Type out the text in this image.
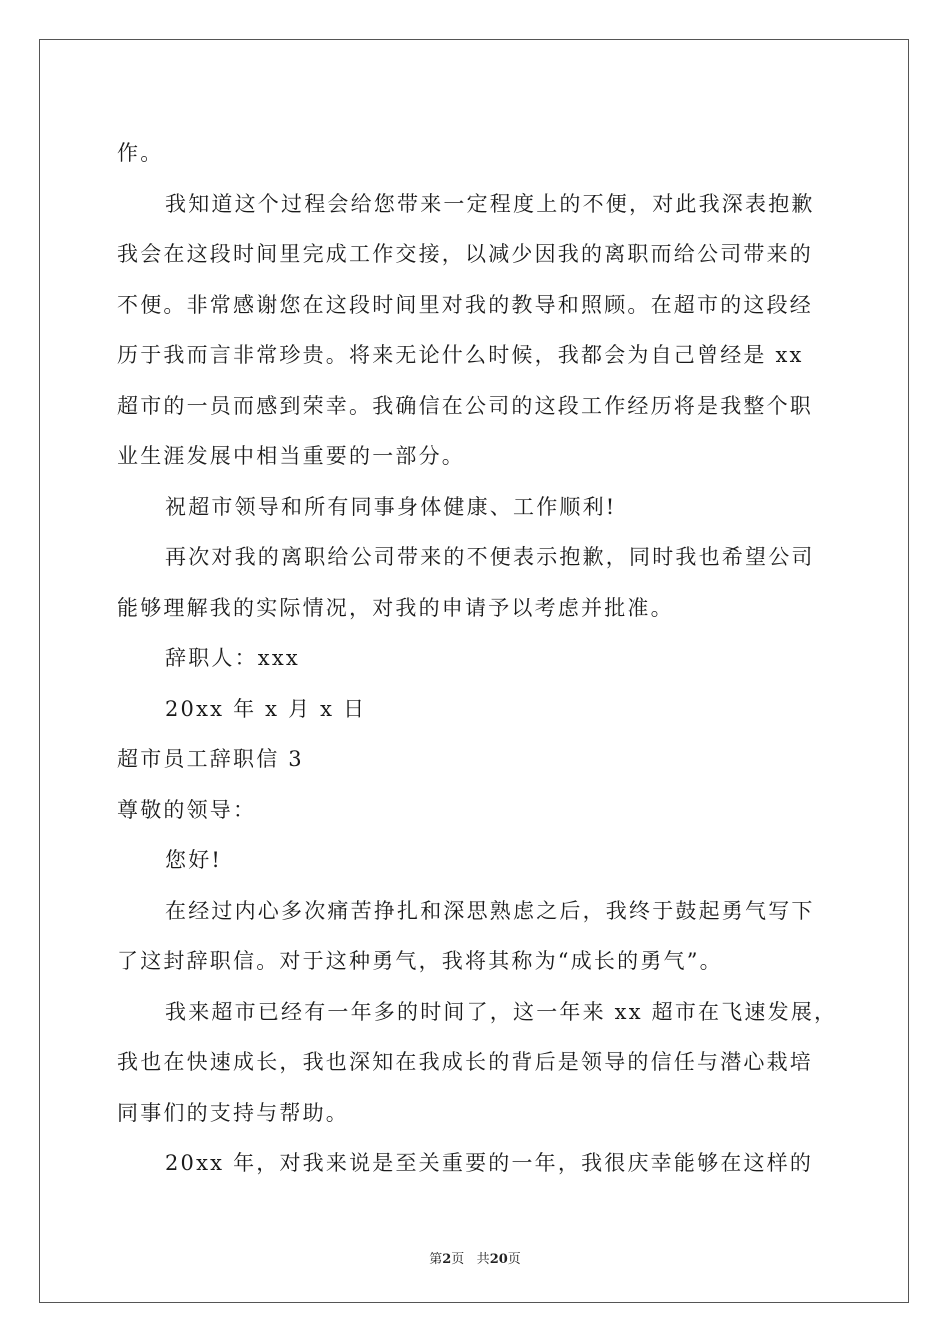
作。
我知道这个过程会给您带来一定程度上的不便，对此我深表抱歉
我会在这段时间里完成工作交接，以减少因我的离职而给公司带来的
不便。非常感谢您在这段时间里对我的教导和照顾。在超市的这段经
历于我而言非常珍贵。将来无论什么时候，我都会为自己曾经是 xx
超市的一员而感到荣幸。我确信在公司的这段工作经历将是我整个职
业生涯发展中相当重要的一部分。
祝超市领导和所有同事身体健康、工作顺利!
再次对我的离职给公司带来的不便表示抱歉，同时我也希望公司
能够理解我的实际情况，对我的申请予以考虑并批准。
辞职人：xxx
20xx 年 x 月 x 日
超市员工辞职信 3
尊敬的领导：
您好!
在经过内心多次痛苦挣扎和深思熟虑之后，我终于鼓起勇气写下
了这封辞职信。对于这种勇气，我将其称为“成长的勇气”。
我来超市已经有一年多的时间了，这一年来 xx 超市在飞速发展，
我也在快速成长，我也深知在我成长的背后是领导的信任与潜心栽培
同事们的支持与帮助。
20xx 年，对我来说是至关重要的一年，我很庆幸能够在这样的
第2页 共20页
